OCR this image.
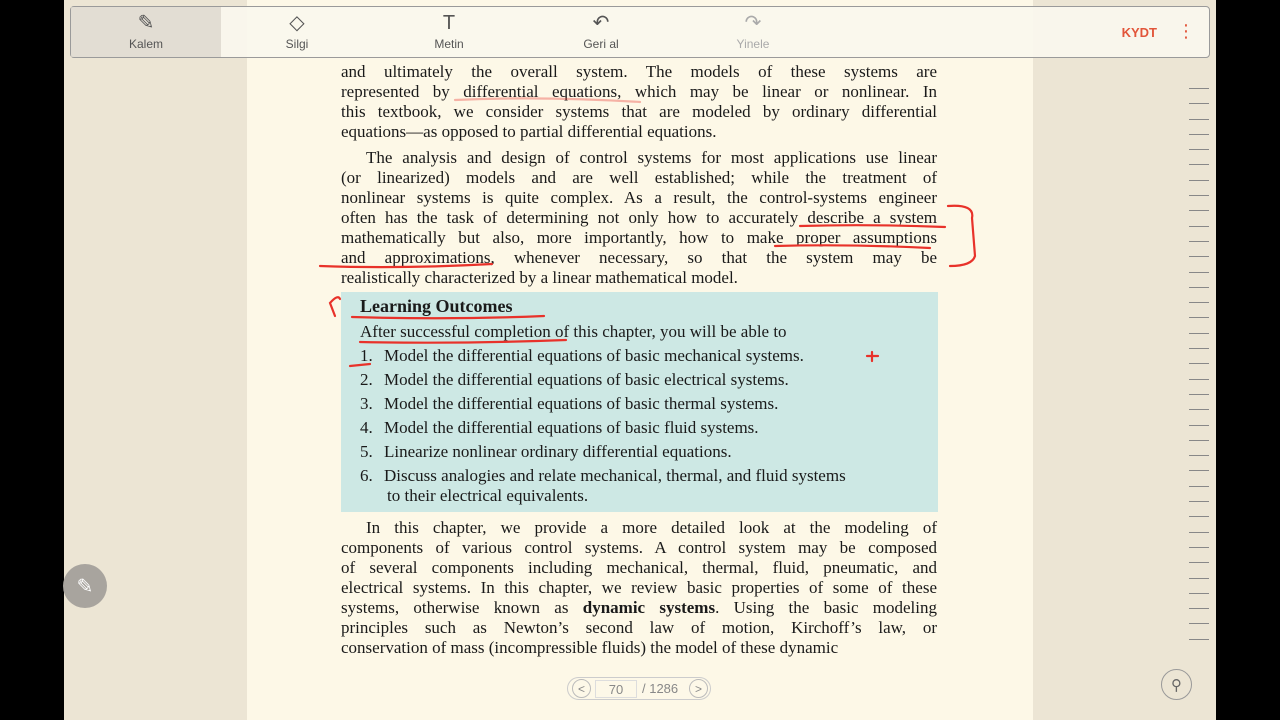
and ultimately the overall system. The models of these systems are
represented by differential equations, which may be linear or nonlinear. In
this textbook, we consider systems that are modeled by ordinary differential
equations—as opposed to partial differential equations.
The analysis and design of control systems for most applications use linear
(or linearized) models and are well established; while the treatment of
nonlinear systems is quite complex. As a result, the control-systems engineer
often has the task of determining not only how to accurately describe a system
mathematically but also, more importantly, how to make proper assumptions
and approximations, whenever necessary, so that the system may be
realistically characterized by a linear mathematical model.
In this chapter, we provide a more detailed look at the modeling of
components of various control systems. A control system may be composed
of several components including mechanical, thermal, fluid, pneumatic, and
electrical systems. In this chapter, we review basic properties of some of these
systems, otherwise known as dynamic systems. Using the basic modeling
principles such as Newton’s second law of motion, Kirchoff’s law, or
conservation of mass (incompressible fluids) the model of these dynamic
Learning Outcomes
After successful completion of this chapter, you will be able to
1. Model the differential equations of basic mechanical systems.
2. Model the differential equations of basic electrical systems.
3. Model the differential equations of basic thermal systems.
4. Model the differential equations of basic fluid systems.
5. Linearize nonlinear ordinary differential equations.
6. Discuss analogies and relate mechanical, thermal, and fluid systems
to their electrical equivalents.
✎
Kalem
◇
Silgi
T
Metin
↶
Geri al
↷
Yinele
KYDT ⋮
✎
<	70	/ 1286	>	⚲
